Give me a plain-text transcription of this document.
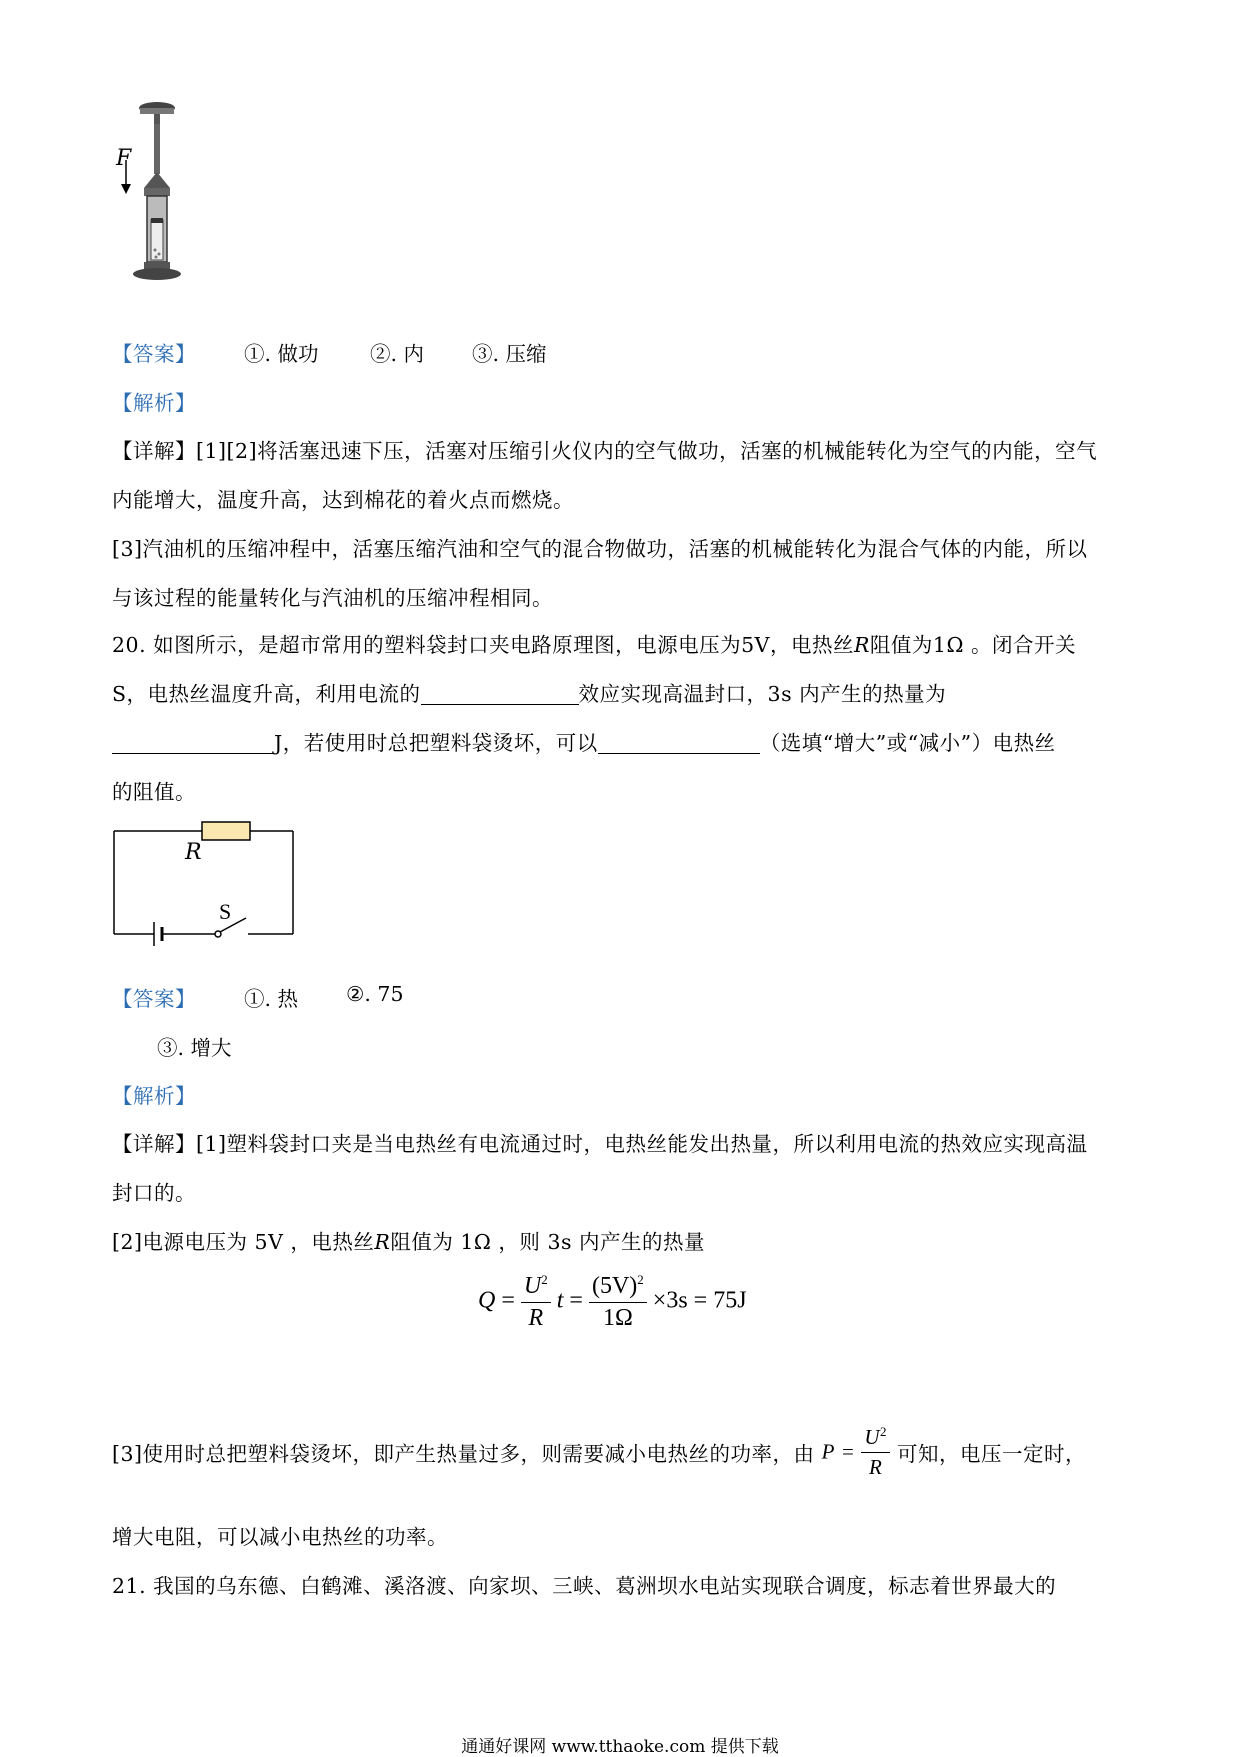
F
【答案】 ①. 做功	②. 内 ③. 压缩
【解析】
【详解】[1][2]将活塞迅速下压，活塞对压缩引火仪内的空气做功，活塞的机械能转化为空气的内能，空气
内能增大，温度升高，达到棉花的着火点而燃烧。
[3]汽油机的压缩冲程中，活塞压缩汽油和空气的混合物做功，活塞的机械能转化为混合气体的内能，所以
与该过程的能量转化与汽油机的压缩冲程相同。
20. 如图所示，是超市常用的塑料袋封口夹电路原理图，电源电压为5V，电热丝R阻值为1Ω 。闭合开关
S，电热丝温度升高，利用电流的	效应实现高温封口，3s 内产生的热量为
J，若使用时总把塑料袋烫坏，可以	（选填“增大”或“减小”）电热丝
的阻值。
R
S
【答案】 ①. 热 ②. 75
③. 增大
【解析】
【详解】[1]塑料袋封口夹是当电热丝有电流通过时，电热丝能发出热量，所以利用电流的热效应实现高温
封口的。
[2]电源电压为 5V ，电热丝R阻值为 1Ω ，则 3s 内产生的热量
$Q = \frac{U^2}{R}$ $t = \frac{(5V)^2}{1\Omega} \times 3s = 75J$
[3]使用时总把塑料袋烫坏，即产生热量过多，则需要减小电热丝的功率，由 $P = \frac{U^2}{R}$ 可知，电压一定时，
增大电阻，可以减小电热丝的功率。
21. 我国的乌东德、白鹤滩、溪洛渡、向家坝、三峡、葛洲坝水电站实现联合调度，标志着世界最大的
通通好课网 www.tthaoke.com 提供下载
